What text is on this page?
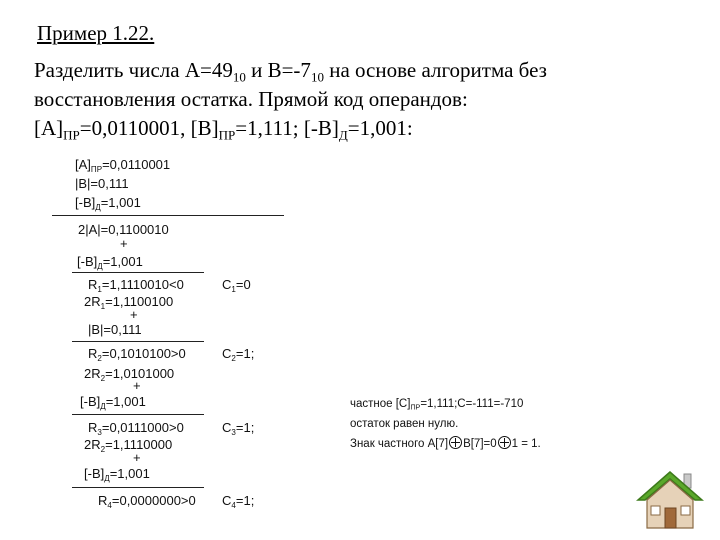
Пример 1.22.
Разделить числа $A=49_{10}$ и $B=-7_{10}$ на основе алгоритма без
восстановления остатка. Прямой код операндов:
$[A]_{ПР}=0,0110001$, $[B]_{ПР}=1,111$; $[-B]_Д=1,001$:
$[A]_{ПР}=0,0110001$
|B|=0,111
$[-B]_Д=1,001$
2|A|=0,1100010
+
$[-B]_Д=1,001$
$R_1=1,1110010<0$	$C_1=0$
$2R_1=1,1100100$
+
|B|=0,111
$R_2=0,1010100>0$	$C_2=1$;
$2R_2=1,0101000$
+
$[-B]_Д=1,001$
$R_3=0,0111000>0$	$C_3=1$;
$2R_2=1,1110000$
+
$[-B]_Д=1,001$
$R_4=0,0000000>0$ $C_4=1$;
частное $[C]_{ПР}=1,111;C=-111=-710$
остаток равен нулю.
Знак частного A[7] B[7]=0 1 = 1.
